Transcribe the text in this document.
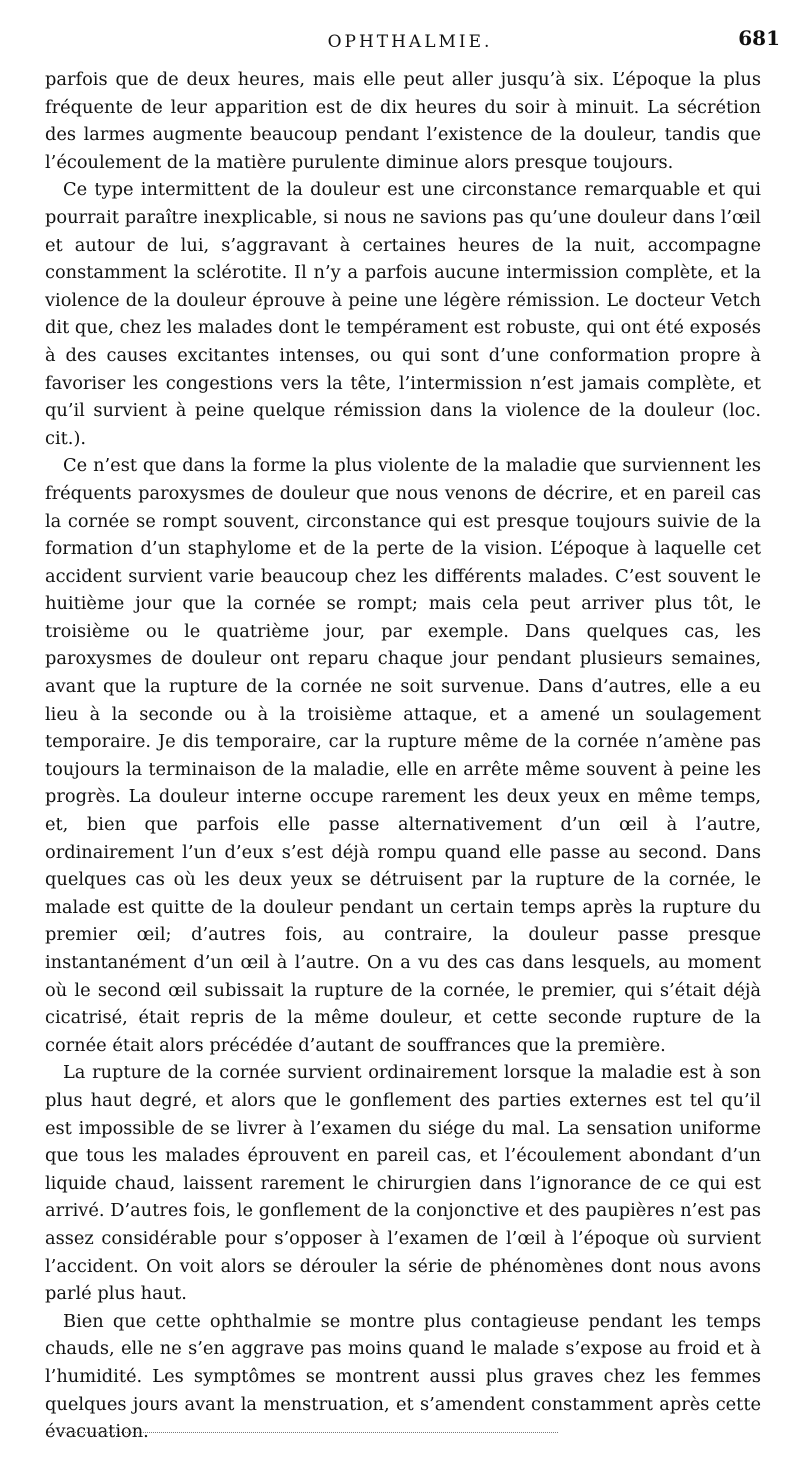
OPHTHALMIE.	681

parfois que de deux heures, mais elle peut aller jusqu’à six. L’époque la plus fréquente de leur apparition est de dix heures du soir à minuit. La sécrétion des larmes augmente beaucoup pendant l’existence de la douleur, tandis que l’écoulement de la matière purulente diminue alors presque toujours.

Ce type intermittent de la douleur est une circonstance remarquable et qui pourrait paraître inexplicable, si nous ne savions pas qu’une douleur dans l’œil et autour de lui, s’aggravant à certaines heures de la nuit, accompagne constamment la sclérotite. Il n’y a parfois aucune intermission complète, et la violence de la douleur éprouve à peine une légère rémission. Le docteur Vetch dit que, chez les malades dont le tempérament est robuste, qui ont été exposés à des causes excitantes intenses, ou qui sont d’une conformation propre à favoriser les congestions vers la tête, l’intermission n’est jamais complète, et qu’il survient à peine quelque rémission dans la violence de la douleur (loc. cit.).

Ce n’est que dans la forme la plus violente de la maladie que surviennent les fréquents paroxysmes de douleur que nous venons de décrire, et en pareil cas la cornée se rompt souvent, circonstance qui est presque toujours suivie de la formation d’un staphylome et de la perte de la vision. L’époque à laquelle cet accident survient varie beaucoup chez les différents malades. C’est souvent le huitième jour que la cornée se rompt; mais cela peut arriver plus tôt, le troisième ou le quatrième jour, par exemple. Dans quelques cas, les paroxysmes de douleur ont reparu chaque jour pendant plusieurs semaines, avant que la rupture de la cornée ne soit survenue. Dans d’autres, elle a eu lieu à la seconde ou à la troisième attaque, et a amené un soulagement temporaire. Je dis temporaire, car la rupture même de la cornée n’amène pas toujours la terminaison de la maladie, elle en arrête même souvent à peine les progrès. La douleur interne occupe rarement les deux yeux en même temps, et, bien que parfois elle passe alternativement d’un œil à l’autre, ordinairement l’un d’eux s’est déjà rompu quand elle passe au second. Dans quelques cas où les deux yeux se détruisent par la rupture de la cornée, le malade est quitte de la douleur pendant un certain temps après la rupture du premier œil; d’autres fois, au contraire, la douleur passe presque instantanément d’un œil à l’autre. On a vu des cas dans lesquels, au moment où le second œil subissait la rupture de la cornée, le premier, qui s’était déjà cicatrisé, était repris de la même douleur, et cette seconde rupture de la cornée était alors précédée d’autant de souffrances que la première.

La rupture de la cornée survient ordinairement lorsque la maladie est à son plus haut degré, et alors que le gonflement des parties externes est tel qu’il est impossible de se livrer à l’examen du siége du mal. La sensation uniforme que tous les malades éprouvent en pareil cas, et l’écoulement abondant d’un liquide chaud, laissent rarement le chirurgien dans l’ignorance de ce qui est arrivé. D’autres fois, le gonflement de la conjonctive et des paupières n’est pas assez considérable pour s’opposer à l’examen de l’œil à l’époque où survient l’accident. On voit alors se dérouler la série de phénomènes dont nous avons parlé plus haut.

Bien que cette ophthalmie se montre plus contagieuse pendant les temps chauds, elle ne s’en aggrave pas moins quand le malade s’expose au froid et à l’humidité. Les symptômes se montrent aussi plus graves chez les femmes quelques jours avant la menstruation, et s’amendent constamment après cette évacuation.
